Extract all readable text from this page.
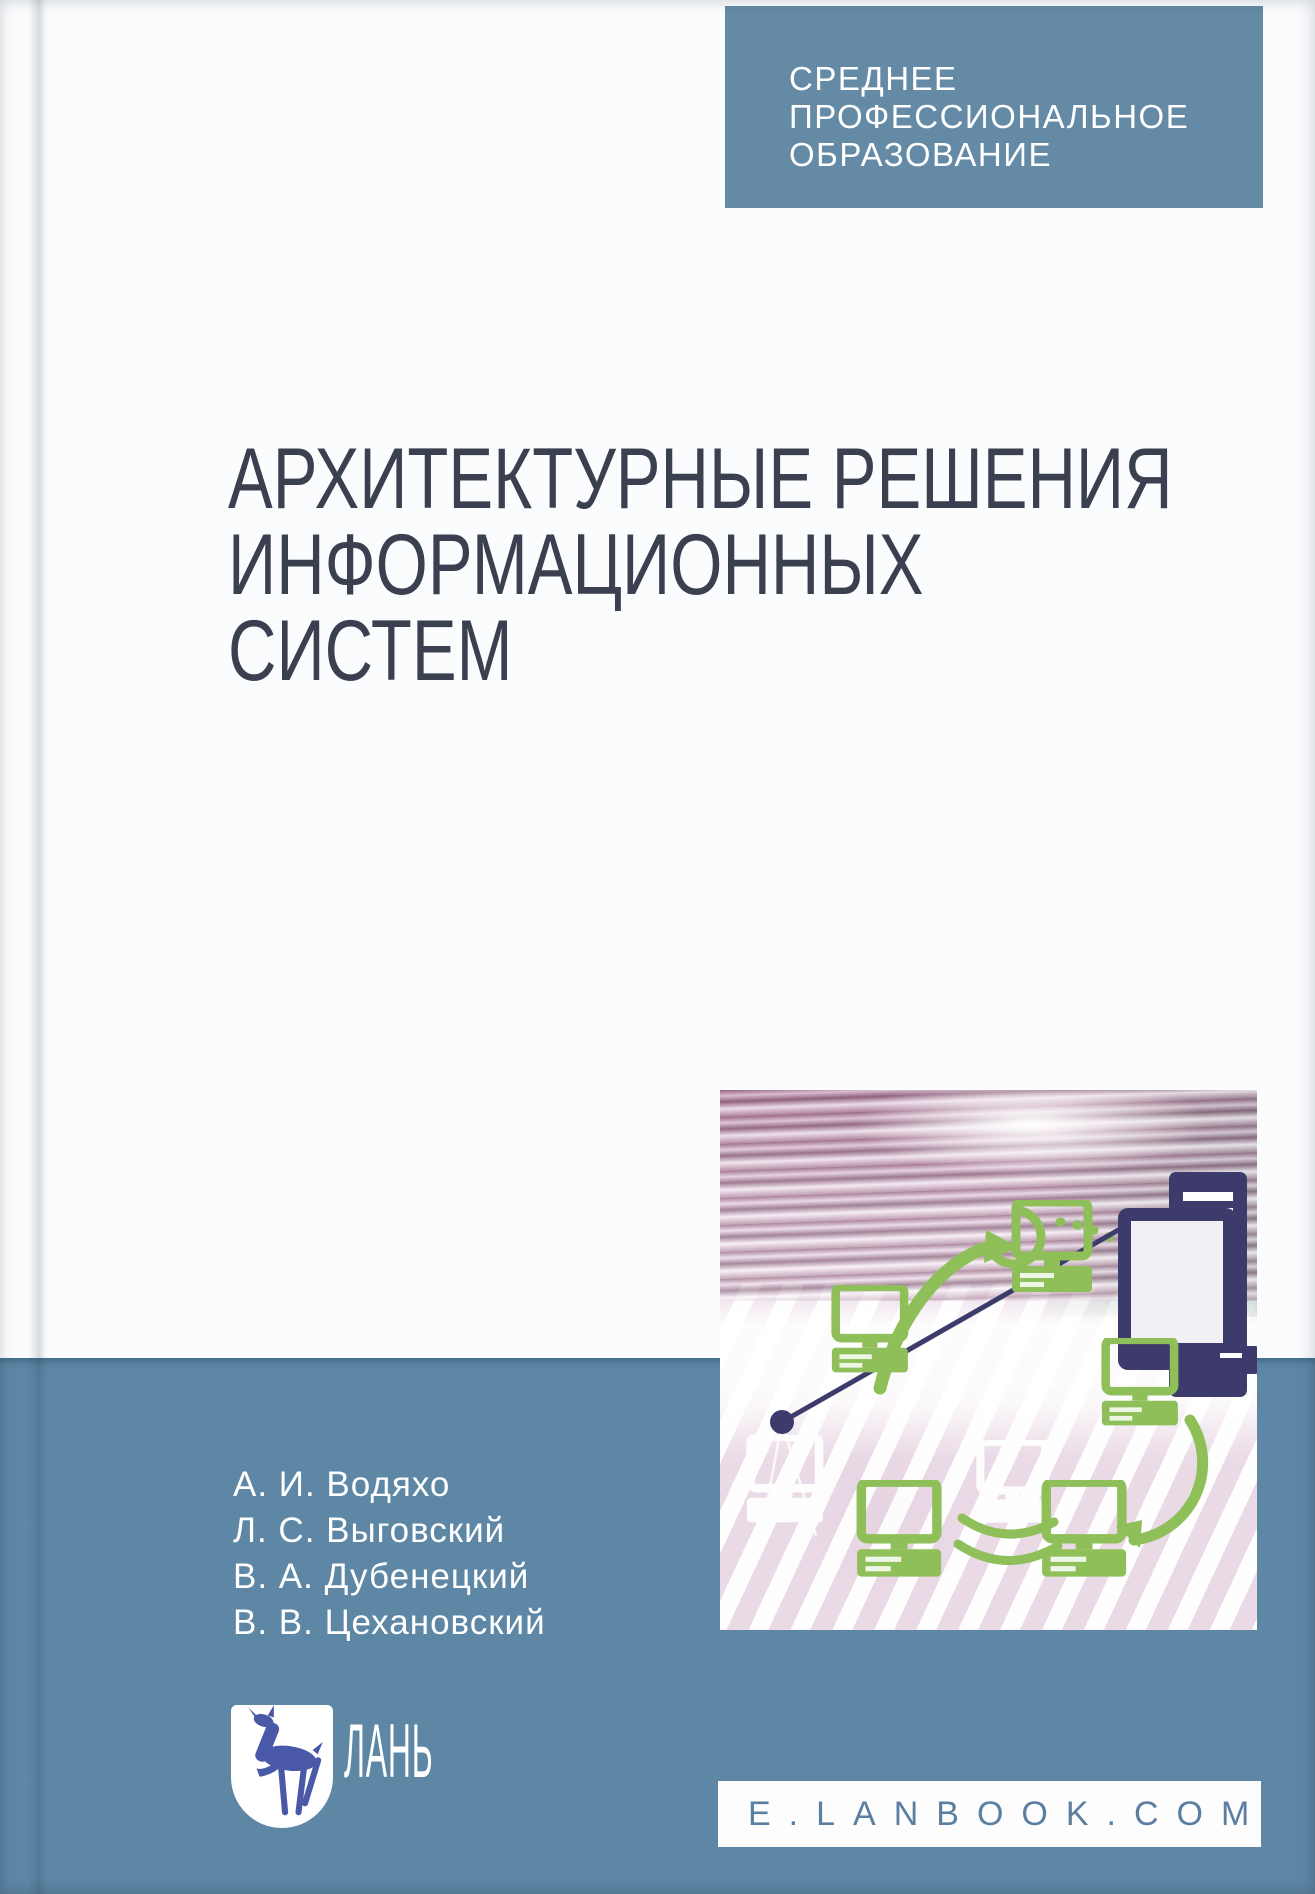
СРЕДНЕЕ
ПРОФЕССИОНАЛЬНОЕ
ОБРАЗОВАНИЕ
АРХИТЕКТУРНЫЕ РЕШЕНИЯ
ИНФОРМАЦИОННЫХ
СИСТЕМ
А. И. Водяхо
Л. С. Выговский
В. А. Дубенецкий
В. В. Цехановский
ЛАНЬ
E.LANBOOK.COM
